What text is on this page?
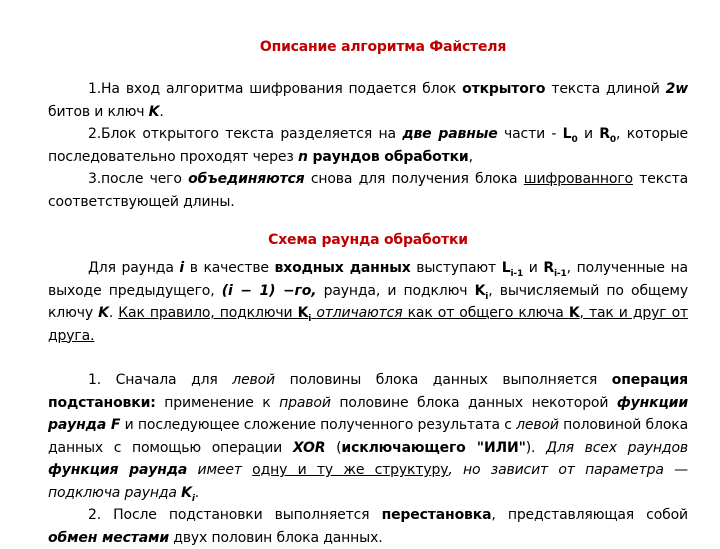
Описание алгоритма Файстеля

1.На вход алгоритма шифрования подается блок открытого текста длиной 2w битов и ключ K.

2.Блок открытого текста разделяется на две равные части - $L_0$ и $R_0$, которые последовательно проходят через n раундов обработки,

3.после чего объединяются снова для получения блока шифрованного текста соответствующей длины.

Схема раунда обработки

Для раунда i в качестве входных данных выступают $L_{i-1}$ и $R_{i-1}$, полученные на выходе предыдущего, (i − 1) −го, раунда, и подключ $K_i$, вычисляемый по общему ключу K. Как правило, подключи $K_i$ отличаются как от общего ключа K, так и друг от друга.

1. Сначала для левой половины блока данных выполняется операция подстановки: применение к правой половине блока данных некоторой функции раунда F и последующее сложение полученного результата с левой половиной блока данных с помощью операции XOR (исключающего "ИЛИ"). Для всех раундов функция раунда имеет одну и ту же структуру, но зависит от параметра — подключа раунда $K_i$.

2. После подстановки выполняется перестановка, представляющая собой обмен местами двух половин блока данных.
